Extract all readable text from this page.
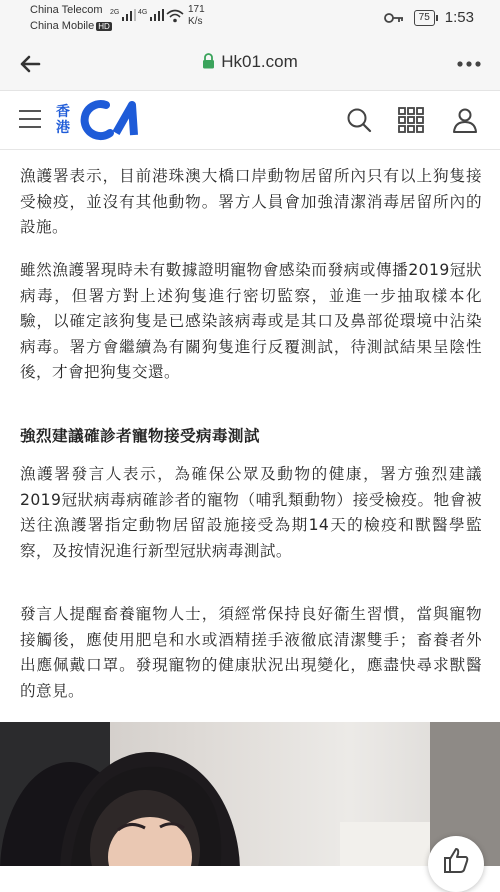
China Telecom
China Mobile HD
$^{2G}$	$^{4G}$	171
K/s	75	1:53
Hk01.com
香港

漁護署表示，目前港珠澳大橋口岸動物居留所內只有以上狗隻接受檢疫，並沒有其他動物。署方人員會加強清潔消毒居留所內的設施。

雖然漁護署現時未有數據證明寵物會感染而發病或傳播2019冠狀病毒，但署方對上述狗隻進行密切監察，並進一步抽取樣本化驗，以確定該狗隻是已感染該病毒或是其口及鼻部從環境中沾染病毒。署方會繼續為有關狗隻進行反覆測試，待測試結果呈陰性後，才會把狗隻交還。

強烈建議確診者寵物接受病毒測試

漁護署發言人表示，為確保公眾及動物的健康，署方強烈建議2019冠狀病毒病確診者的寵物（哺乳類動物）接受檢疫。牠會被送往漁護署指定動物居留設施接受為期14天的檢疫和獸醫學監察，及按情況進行新型冠狀病毒測試。

發言人提醒畜養寵物人士，須經常保持良好衞生習慣，當與寵物接觸後，應使用肥皂和水或酒精搓手液徹底清潔雙手；畜養者外出應佩戴口罩。發現寵物的健康狀況出現變化，應盡快尋求獸醫的意見。
